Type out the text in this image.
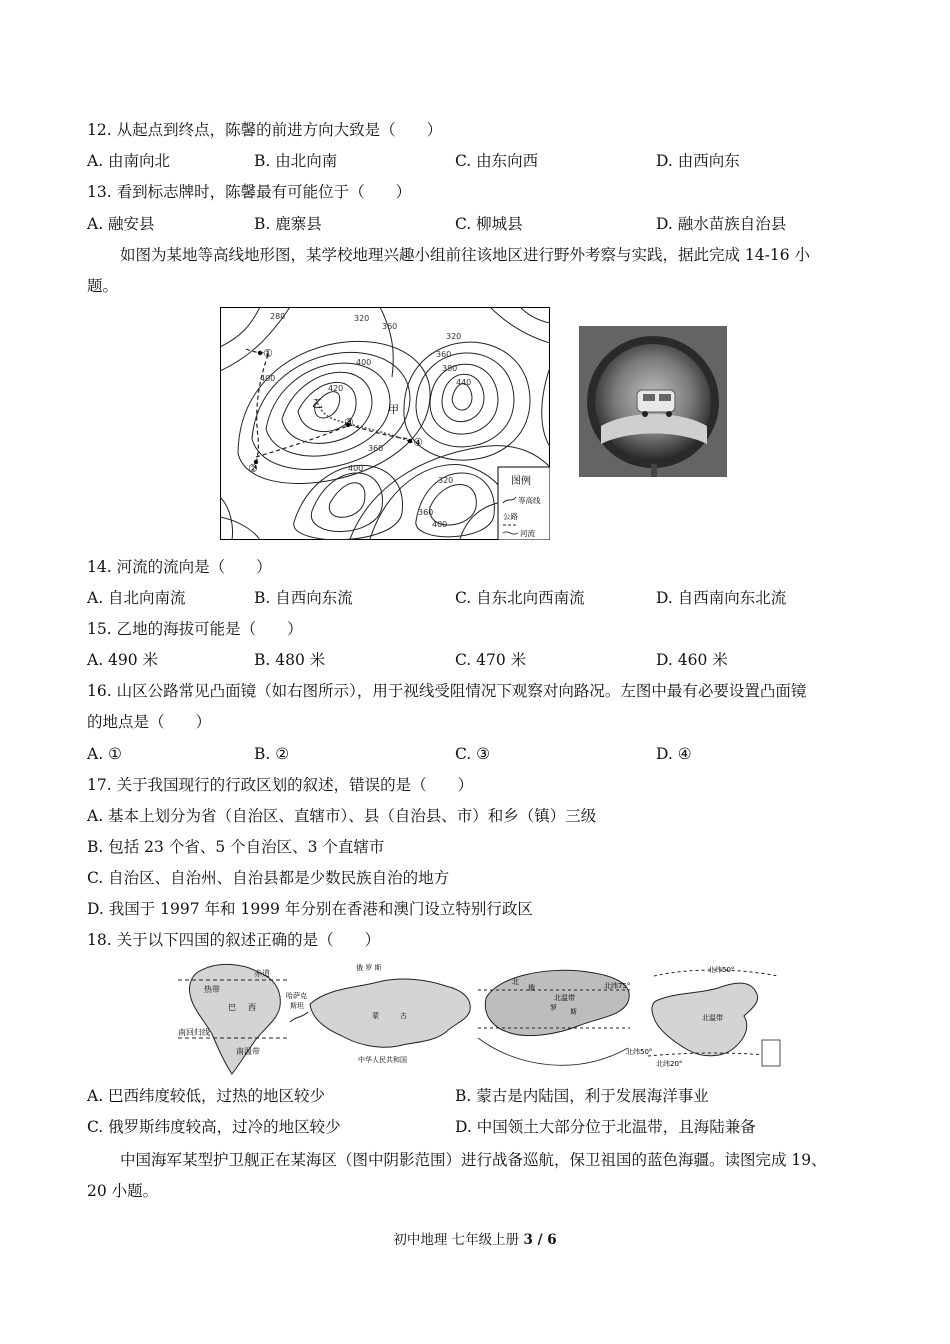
12. 从起点到终点，陈馨的前进方向大致是（　　）
A. 由南向北	B. 由北向南	C. 由东向西	D. 由西向东
13. 看到标志牌时，陈馨最有可能位于（　　）
A. 融安县	B. 鹿寨县	C. 柳城县	D. 融水苗族自治县
如图为某地等高线地形图，某学校地理兴趣小组前往该地区进行野外考察与实践，据此完成 14-16 小
题。
280	320
360
400
420
320
360
400
360
400
320
360
400
440
380
①
②
③
④
乙	甲
图例
等高线
公路
河流
14. 河流的流向是（　　）
A. 自北向南流	B. 自西向东流	C. 自东北向西南流	D. 自西南向东北流
15. 乙地的海拔可能是（　　）
A. 490 米	B. 480 米	C. 470 米	D. 460 米
16. 山区公路常见凸面镜（如右图所示），用于视线受阻情况下观察对向路况。左图中最有必要设置凸面镜
的地点是（　　）
A. ①	B. ②	C. ③	D. ④
17. 关于我国现行的行政区划的叙述，错误的是（　　）
A. 基本上划分为省（自治区、直辖市）、县（自治县、市）和乡（镇）三级
B. 包括 23 个省、5 个自治区、3 个直辖市
C. 自治区、自治州、自治县都是少数民族自治的地方
D. 我国于 1997 年和 1999 年分别在香港和澳门设立特别行政区
18. 关于以下四国的叙述正确的是（　　）
赤道
热带
巴 西
南回归线
南温带
俄 罗 斯
哈萨克
斯坦
蒙	古
中华人民共和国
北
俄
罗 斯
北纬75°
北纬50°
北温带
北纬50°
北温带
北纬20°
A. 巴西纬度较低，过热的地区较少	B. 蒙古是内陆国，利于发展海洋事业
C. 俄罗斯纬度较高，过冷的地区较少	D. 中国领土大部分位于北温带，且海陆兼备
中国海军某型护卫舰正在某海区（图中阴影范围）进行战备巡航，保卫祖国的蓝色海疆。读图完成 19、
20 小题。
初中地理 七年级上册 3 / 6
